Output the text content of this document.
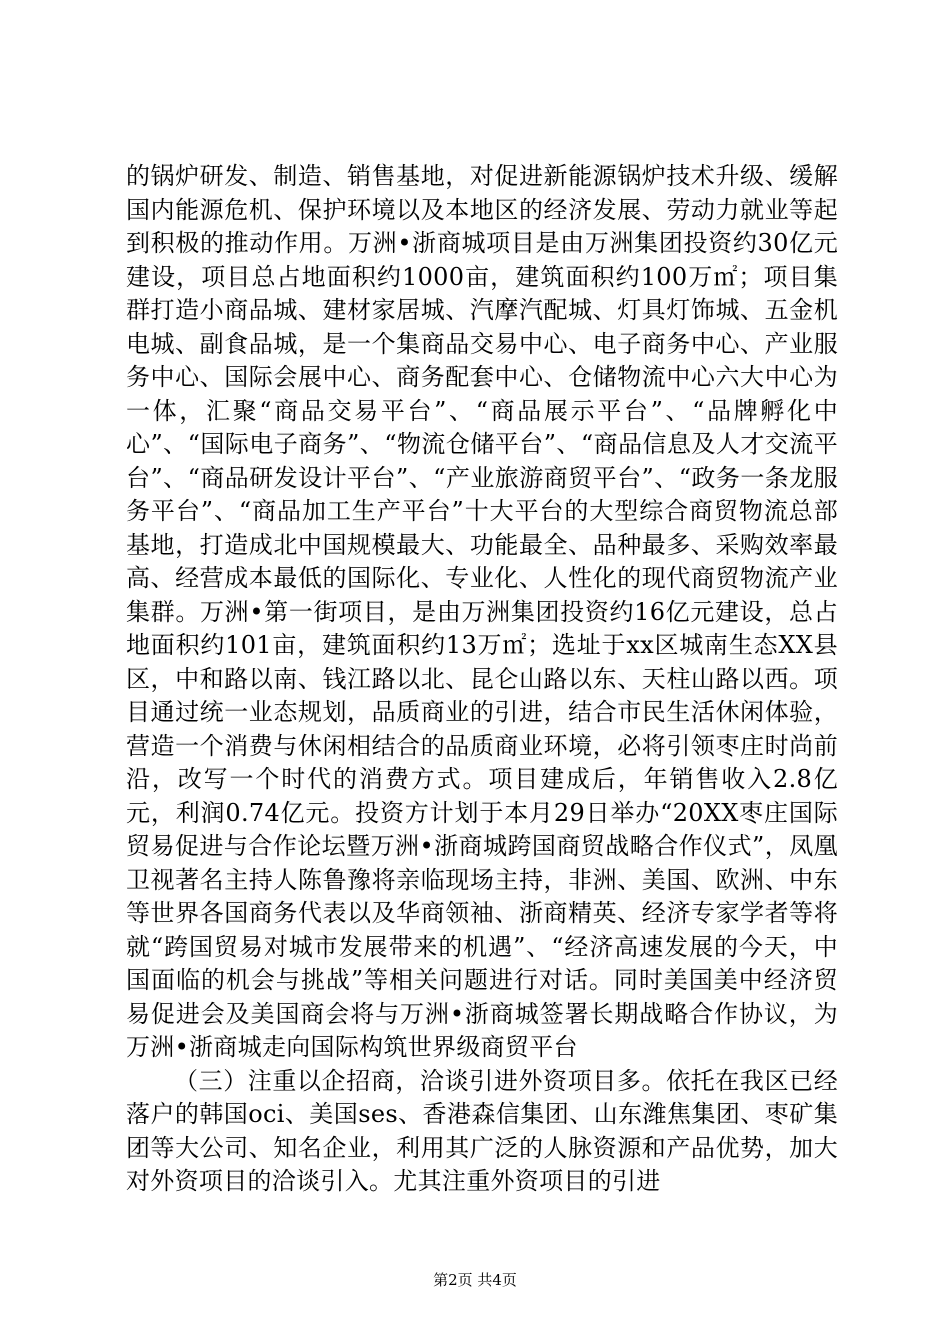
的锅炉研发、制造、销售基地，对促进新能源锅炉技术升级、缓解国内能源危机、保护环境以及本地区的经济发展、劳动力就业等起到积极的推动作用。万洲•浙商城项目是由万洲集团投资约30亿元建设，项目总占地面积约1000亩，建筑面积约100万㎡；项目集群打造小商品城、建材家居城、汽摩汽配城、灯具灯饰城、五金机电城、副食品城，是一个集商品交易中心、电子商务中心、产业服务中心、国际会展中心、商务配套中心、仓储物流中心六大中心为一体，汇聚“商品交易平台”、“商品展示平台”、“品牌孵化中心”、“国际电子商务”、“物流仓储平台”、“商品信息及人才交流平台”、“商品研发设计平台”、“产业旅游商贸平台”、“政务一条龙服务平台”、“商品加工生产平台”十大平台的大型综合商贸物流总部基地，打造成北中国规模最大、功能最全、品种最多、采购效率最高、经营成本最低的国际化、专业化、人性化的现代商贸物流产业集群。万洲•第一街项目，是由万洲集团投资约16亿元建设，总占地面积约101亩，建筑面积约13万㎡；选址于xx区城南生态XX县区，中和路以南、钱江路以北、昆仑山路以东、天柱山路以西。项目通过统一业态规划，品质商业的引进，结合市民生活休闲体验，营造一个消费与休闲相结合的品质商业环境，必将引领枣庄时尚前沿，改写一个时代的消费方式。项目建成后，年销售收入2.8亿元，利润0.74亿元。投资方计划于本月29日举办“20XX枣庄国际贸易促进与合作论坛暨万洲•浙商城跨国商贸战略合作仪式”，凤凰卫视著名主持人陈鲁豫将亲临现场主持，非洲、美国、欧洲、中东等世界各国商务代表以及华商领袖、浙商精英、经济专家学者等将就“跨国贸易对城市发展带来的机遇”、“经济高速发展的今天，中国面临的机会与挑战”等相关问题进行对话。同时美国美中经济贸易促进会及美国商会将与万洲•浙商城签署长期战略合作协议，为万洲•浙商城走向国际构筑世界级商贸平台

（三）注重以企招商，洽谈引进外资项目多。依托在我区已经落户的韩国oci、美国ses、香港森信集团、山东潍焦集团、枣矿集团等大公司、知名企业，利用其广泛的人脉资源和产品优势，加大对外资项目的洽谈引入。尤其注重外资项目的引进

第2页 共4页
